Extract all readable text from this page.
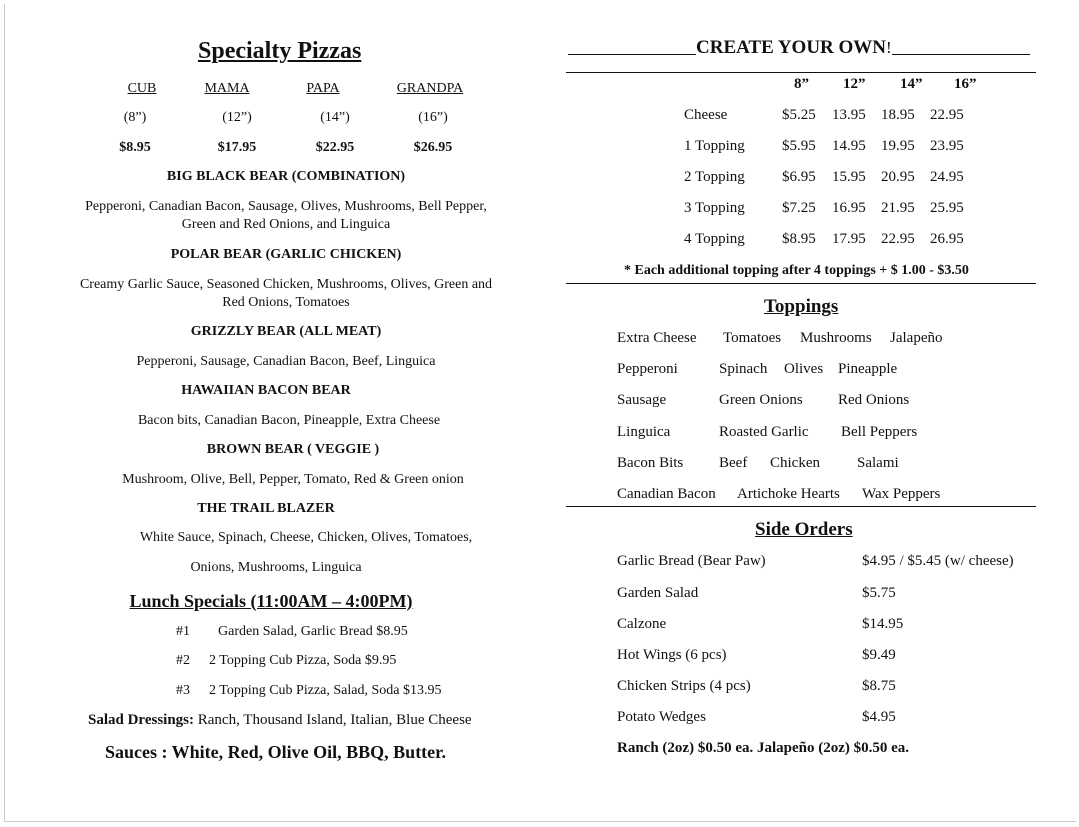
Specialty Pizzas
CUB	MAMA	PAPA	GRANDPA
(8”)	(12”)	(14”)	(16”)
$8.95	$17.95	$22.95	$26.95
BIG BLACK BEAR (COMBINATION)
Pepperoni, Canadian Bacon, Sausage, Olives, Mushrooms, Bell Pepper,
Green and Red Onions, and Linguica
POLAR BEAR (GARLIC CHICKEN)
Creamy Garlic Sauce, Seasoned Chicken, Mushrooms, Olives, Green and
Red Onions, Tomatoes
GRIZZLY BEAR (ALL MEAT)
Pepperoni, Sausage, Canadian Bacon, Beef, Linguica
HAWAIIAN BACON BEAR
Bacon bits, Canadian Bacon, Pineapple, Extra Cheese
BROWN BEAR ( VEGGIE )
Mushroom, Olive, Bell, Pepper, Tomato, Red & Green onion
THE TRAIL BLAZER
White Sauce, Spinach, Cheese, Chicken, Olives, Tomatoes,
Onions, Mushrooms, Linguica
Lunch Specials (11:00AM – 4:00PM)
#1 Garden Salad, Garlic Bread $8.95
#2 2 Topping Cub Pizza, Soda $9.95
#3 2 Topping Cub Pizza, Salad, Soda $13.95
Salad Dressings: Ranch, Thousand Island, Italian, Blue Cheese
Sauces : White, Red, Olive Oil, BBQ, Butter.
CREATE YOUR OWN!
8” 12” 14” 16”
Cheese	$5.25 13.95 18.95 22.95
1 Topping $5.95 14.95 19.95 23.95
2 Topping $6.95 15.95 20.95 24.95
3 Topping $7.25 16.95 21.95 25.95
4 Topping $8.95 17.95 22.95 26.95
* Each additional topping after 4 toppings + $ 1.00 - $3.50
Toppings
Extra Cheese Tomatoes Mushrooms Jalapeño
Pepperoni	Spinach Olives Pineapple
Sausage	Green Onions Red Onions
Linguica	Roasted Garlic Bell Peppers
Bacon Bits Beef Chicken Salami
Canadian Bacon Artichoke Hearts Wax Peppers
Side Orders
Garlic Bread (Bear Paw)	$4.95 / $5.45 (w/ cheese)
Garden Salad	$5.75
Calzone	$14.95
Hot Wings (6 pcs)	$9.49
Chicken Strips (4 pcs)	$8.75
Potato Wedges	$4.95
Ranch (2oz) $0.50 ea. Jalapeño (2oz) $0.50 ea.
